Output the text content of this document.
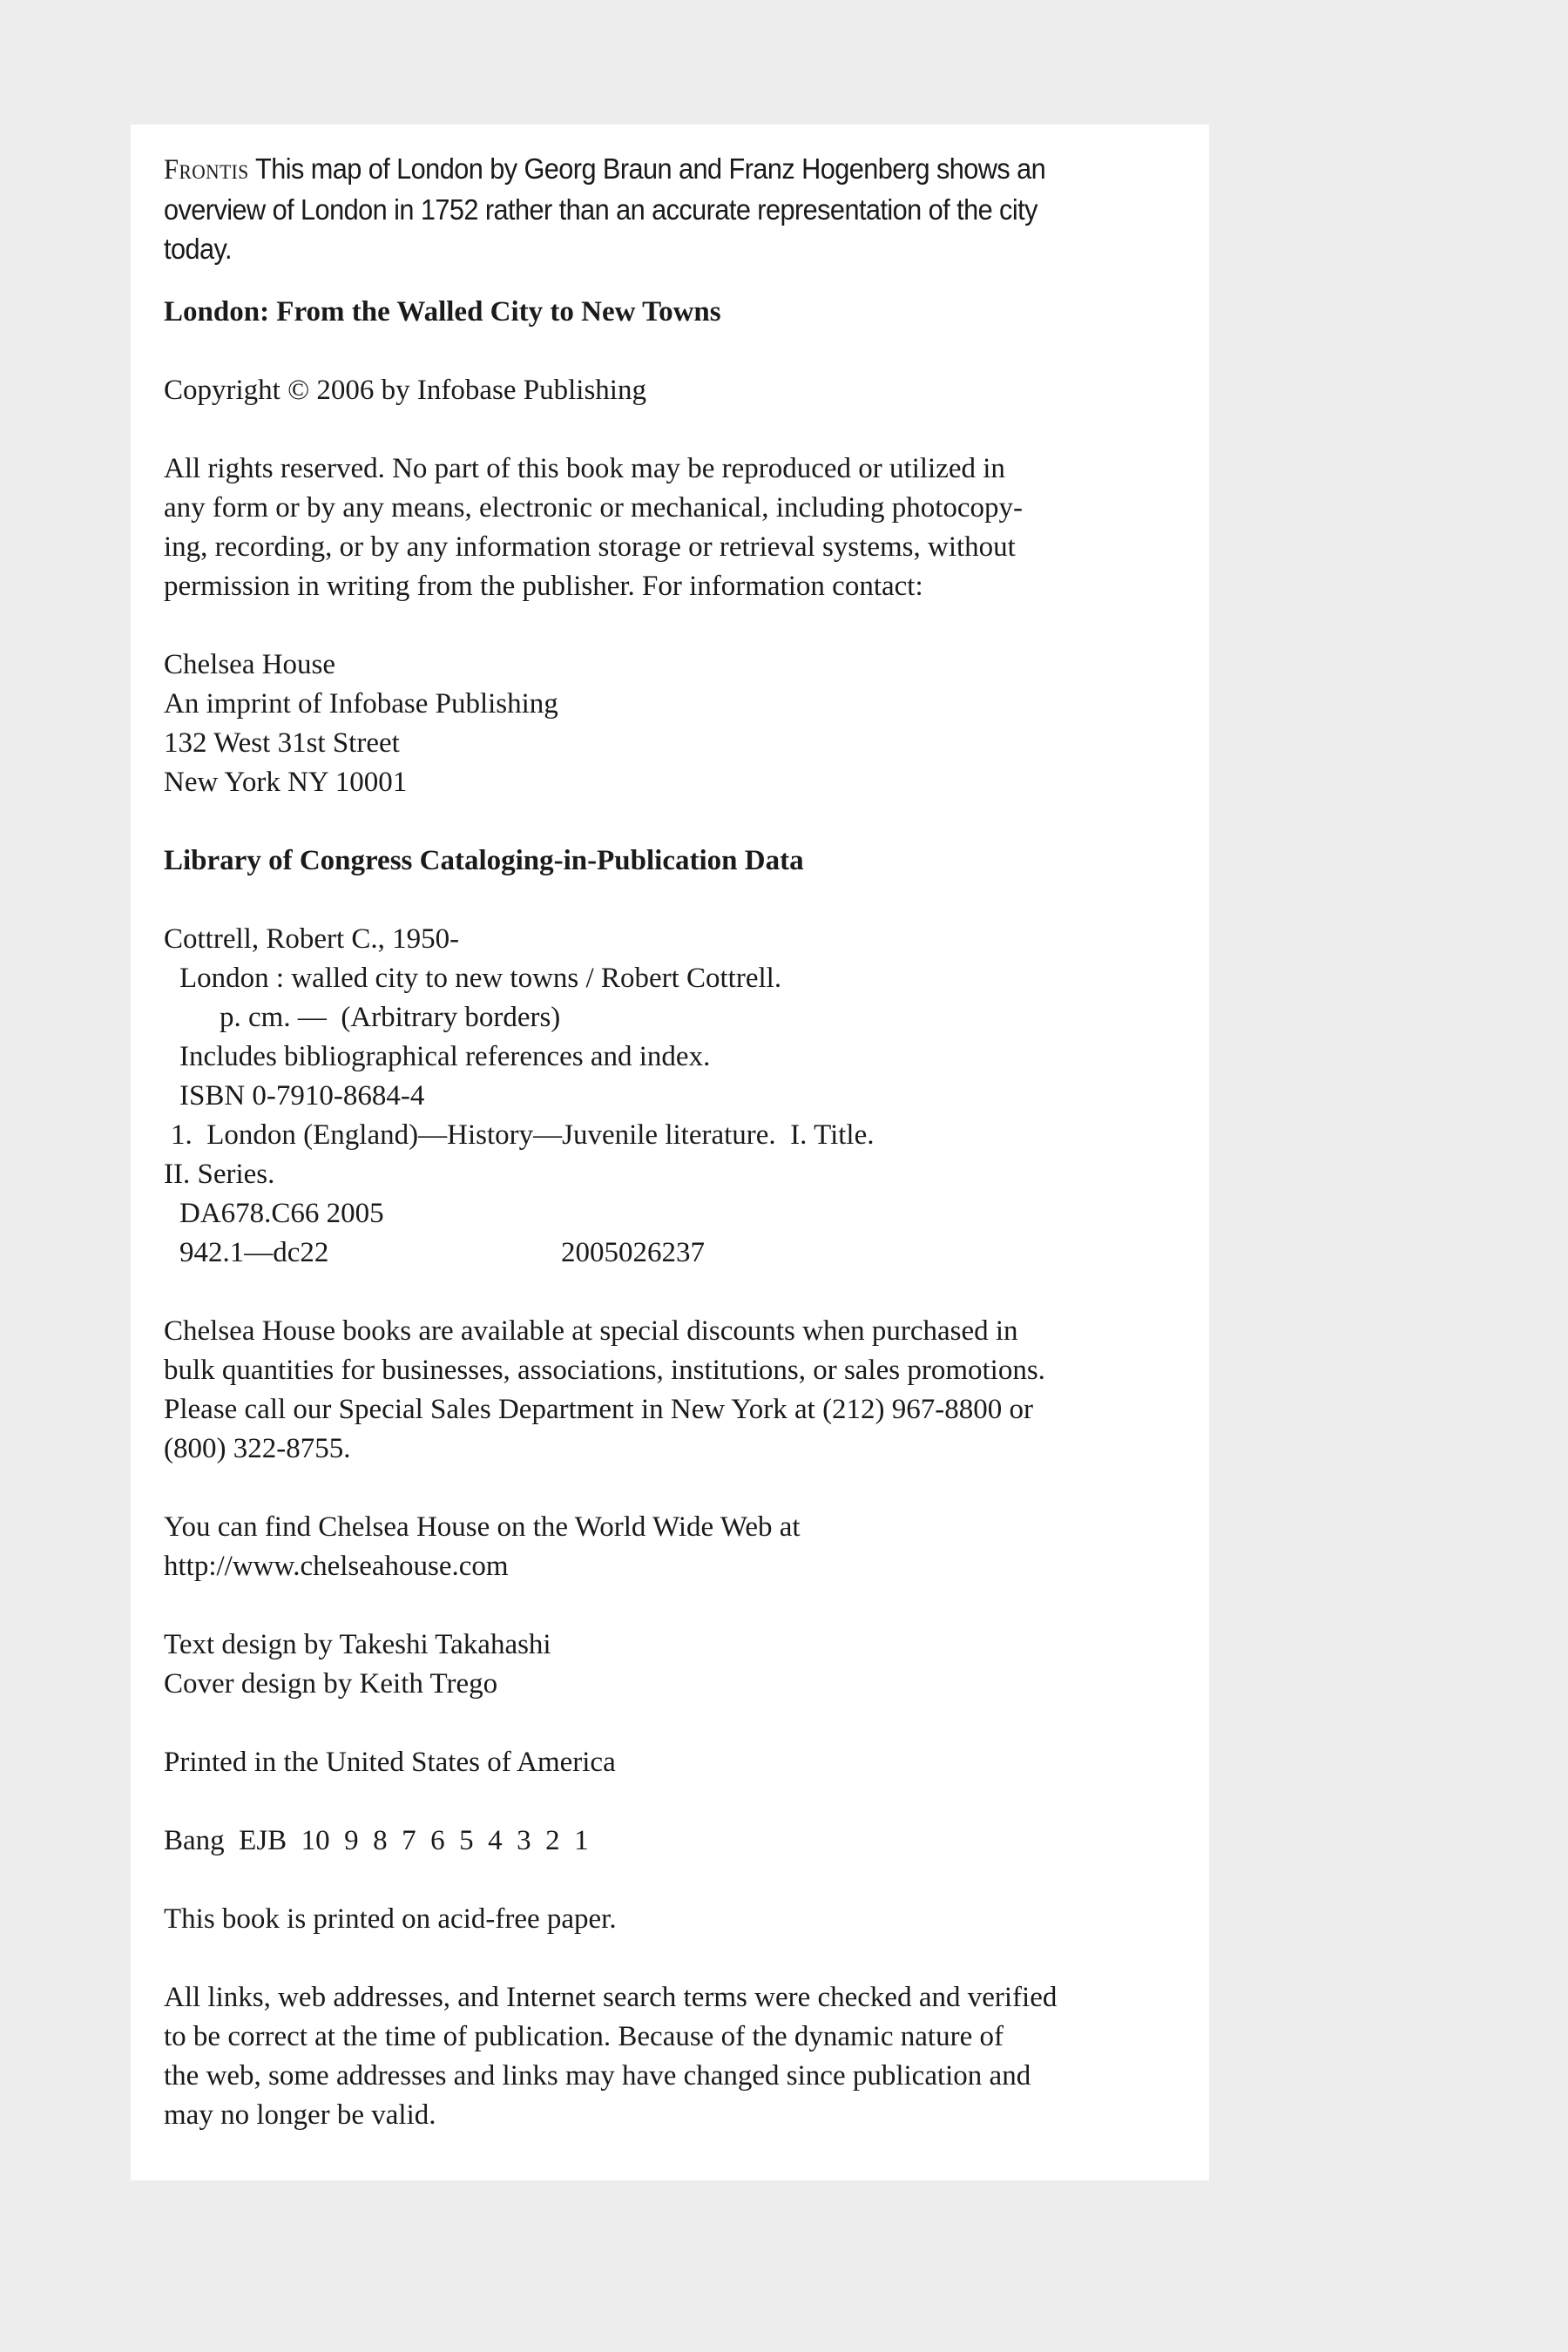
Frontis This map of London by Georg Braun and Franz Hogenberg shows an overview of London in 1752 rather than an accurate representation of the city today.
London: From the Walled City to New Towns
Copyright © 2006 by Infobase Publishing
All rights reserved. No part of this book may be reproduced or utilized in
any form or by any means, electronic or mechanical, including photocopy-
ing, recording, or by any information storage or retrieval systems, without
permission in writing from the publisher. For information contact:
Chelsea House
An imprint of Infobase Publishing
132 West 31st Street
New York NY 10001
Library of Congress Cataloging-in-Publication Data
Cottrell, Robert C., 1950-
London : walled city to new towns / Robert Cottrell.
p. cm. —  (Arbitrary borders)
Includes bibliographical references and index.
ISBN 0-7910-8684-4
1.  London (England)—History—Juvenile literature.  I. Title.
II. Series.
DA678.C66 2005
942.1—dc22	2005026237
Chelsea House books are available at special discounts when purchased in
bulk quantities for businesses, associations, institutions, or sales promotions.
Please call our Special Sales Department in New York at (212) 967-8800 or
(800) 322-8755.
You can find Chelsea House on the World Wide Web at
http://www.chelseahouse.com
Text design by Takeshi Takahashi
Cover design by Keith Trego
Printed in the United States of America
Bang  EJB  10  9  8  7  6  5  4  3  2  1
This book is printed on acid-free paper.
All links, web addresses, and Internet search terms were checked and verified
to be correct at the time of publication. Because of the dynamic nature of
the web, some addresses and links may have changed since publication and
may no longer be valid.
